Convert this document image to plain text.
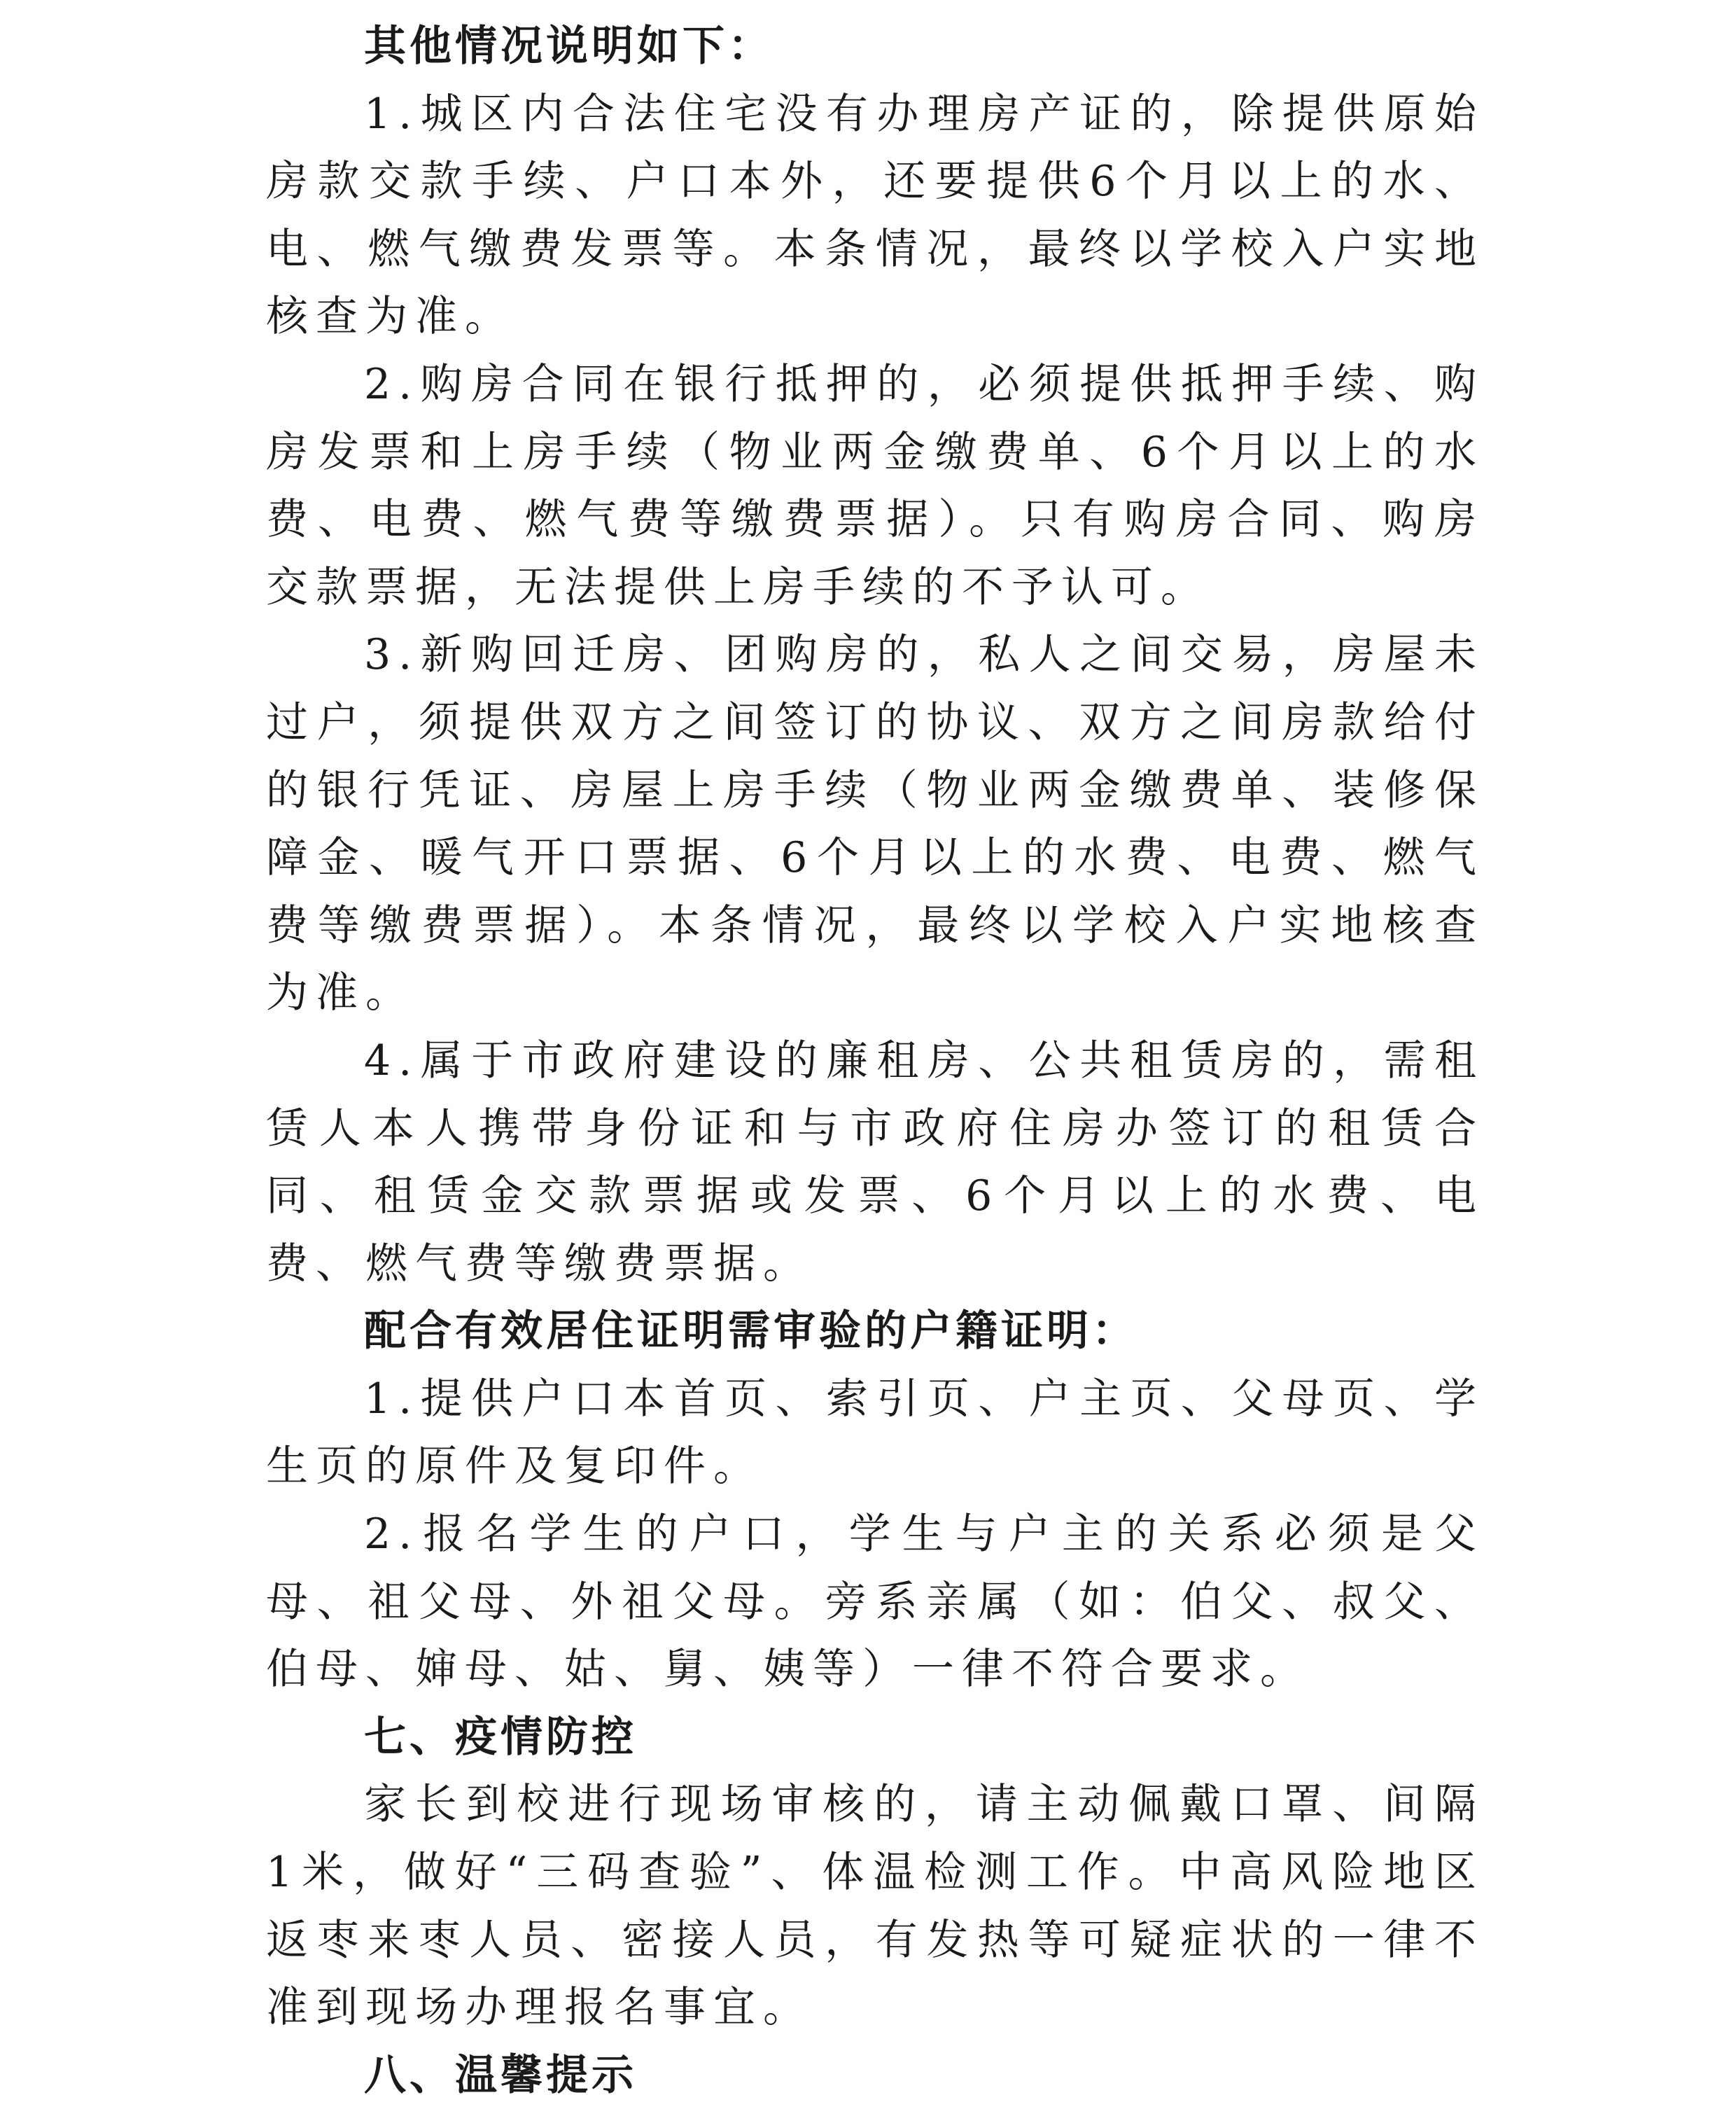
其他情况说明如下：

1.城区内合法住宅没有办理房产证的，除提供原始房款交款手续、户口本外，还要提供6个月以上的水、电、燃气缴费发票等。本条情况，最终以学校入户实地核查为准。

2.购房合同在银行抵押的，必须提供抵押手续、购房发票和上房手续（物业两金缴费单、6个月以上的水费、电费、燃气费等缴费票据）。只有购房合同、购房交款票据，无法提供上房手续的不予认可。

3.新购回迁房、团购房的，私人之间交易，房屋未过户，须提供双方之间签订的协议、双方之间房款给付的银行凭证、房屋上房手续（物业两金缴费单、装修保障金、暖气开口票据、6个月以上的水费、电费、燃气费等缴费票据）。本条情况，最终以学校入户实地核查为准。

4.属于市政府建设的廉租房、公共租赁房的，需租赁人本人携带身份证和与市政府住房办签订的租赁合同、租赁金交款票据或发票、6个月以上的水费、电费、燃气费等缴费票据。

配合有效居住证明需审验的户籍证明：

1.提供户口本首页、索引页、户主页、父母页、学生页的原件及复印件。

2.报名学生的户口，学生与户主的关系必须是父母、祖父母、外祖父母。旁系亲属（如：伯父、叔父、伯母、婶母、姑、舅、姨等）一律不符合要求。

七、疫情防控

家长到校进行现场审核的，请主动佩戴口罩、间隔1米，做好“三码查验”、体温检测工作。中高风险地区返枣来枣人员、密接人员，有发热等可疑症状的一律不准到现场办理报名事宜。

八、温馨提示
